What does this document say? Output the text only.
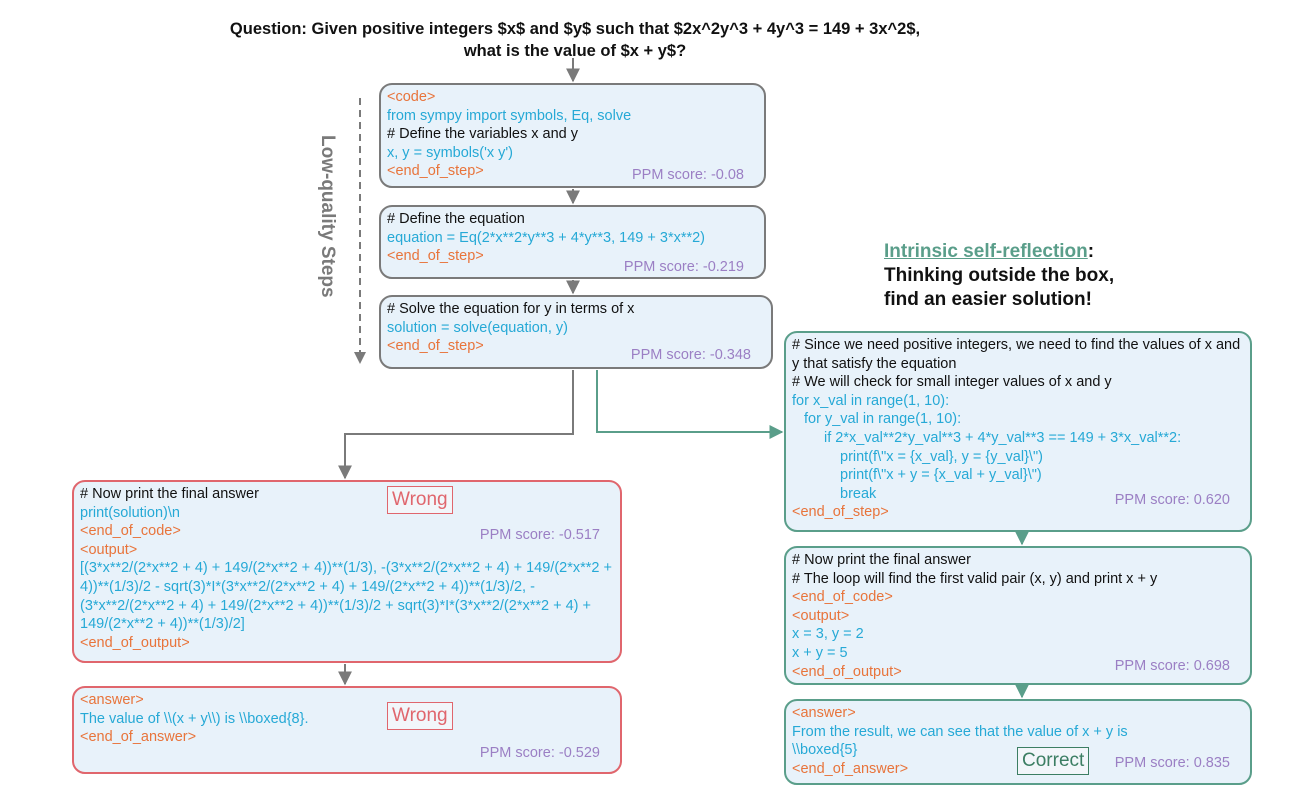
Question: Given positive integers $x$ and $y$ such that $2x^2y^3 + 4y^3 = 149 + 3x^2$,
what is the value of $x + y$?
Low-quality Steps	Intrinsic self-reflection:
Thinking outside the box,
find an easier solution!
<code>
from sympy import symbols, Eq, solve
# Define the variables x and y
x, y = symbols('x y')
<end_of_step>	PPM score: -0.08
# Define the equation
equation = Eq(2*x**2*y**3 + 4*y**3, 149 + 3*x**2)
<end_of_step>
PPM score: -0.219
# Solve the equation for y in terms of x
solution = solve(equation, y)
<end_of_step>
PPM score: -0.348
# Now print the final answer
print(solution)\n
<end_of_code>
<output>
[(3*x**2/(2*x**2 + 4) + 149/(2*x**2 + 4))**(1/3), -(3*x**2/(2*x**2 + 4) + 149/(2*x**2 + 4))**(1/3)/2 - sqrt(3)*I*(3*x**2/(2*x**2 + 4) + 149/(2*x**2 + 4))**(1/3)/2, -(3*x**2/(2*x**2 + 4) + 149/(2*x**2 + 4))**(1/3)/2 + sqrt(3)*I*(3*x**2/(2*x**2 + 4) + 149/(2*x**2 + 4))**(1/3)/2]
<end_of_output>
PPM score: -0.517
Wrong
<answer>
The value of \\(x + y\\) is \\boxed{8}.
<end_of_answer>
PPM score: -0.529
Wrong
# Since we need positive integers, we need to find the values of x and y that satisfy the equation
# We will check for small integer values of x and y
for x_val in range(1, 10):
for y_val in range(1, 10):
if 2*x_val**2*y_val**3 + 4*y_val**3 == 149 + 3*x_val**2:
print(f\"x = {x_val}, y = {y_val}\")
print(f\"x + y = {x_val + y_val}\")
break
<end_of_step>
PPM score: 0.620
# Now print the final answer
# The loop will find the first valid pair (x, y) and print x + y
<end_of_code>
<output>
x = 3, y = 2
x + y = 5
<end_of_output>	PPM score: 0.698
<answer>
From the result, we can see that the value of x + y is
\\boxed{5}
<end_of_answer>	PPM score: 0.835
Correct
